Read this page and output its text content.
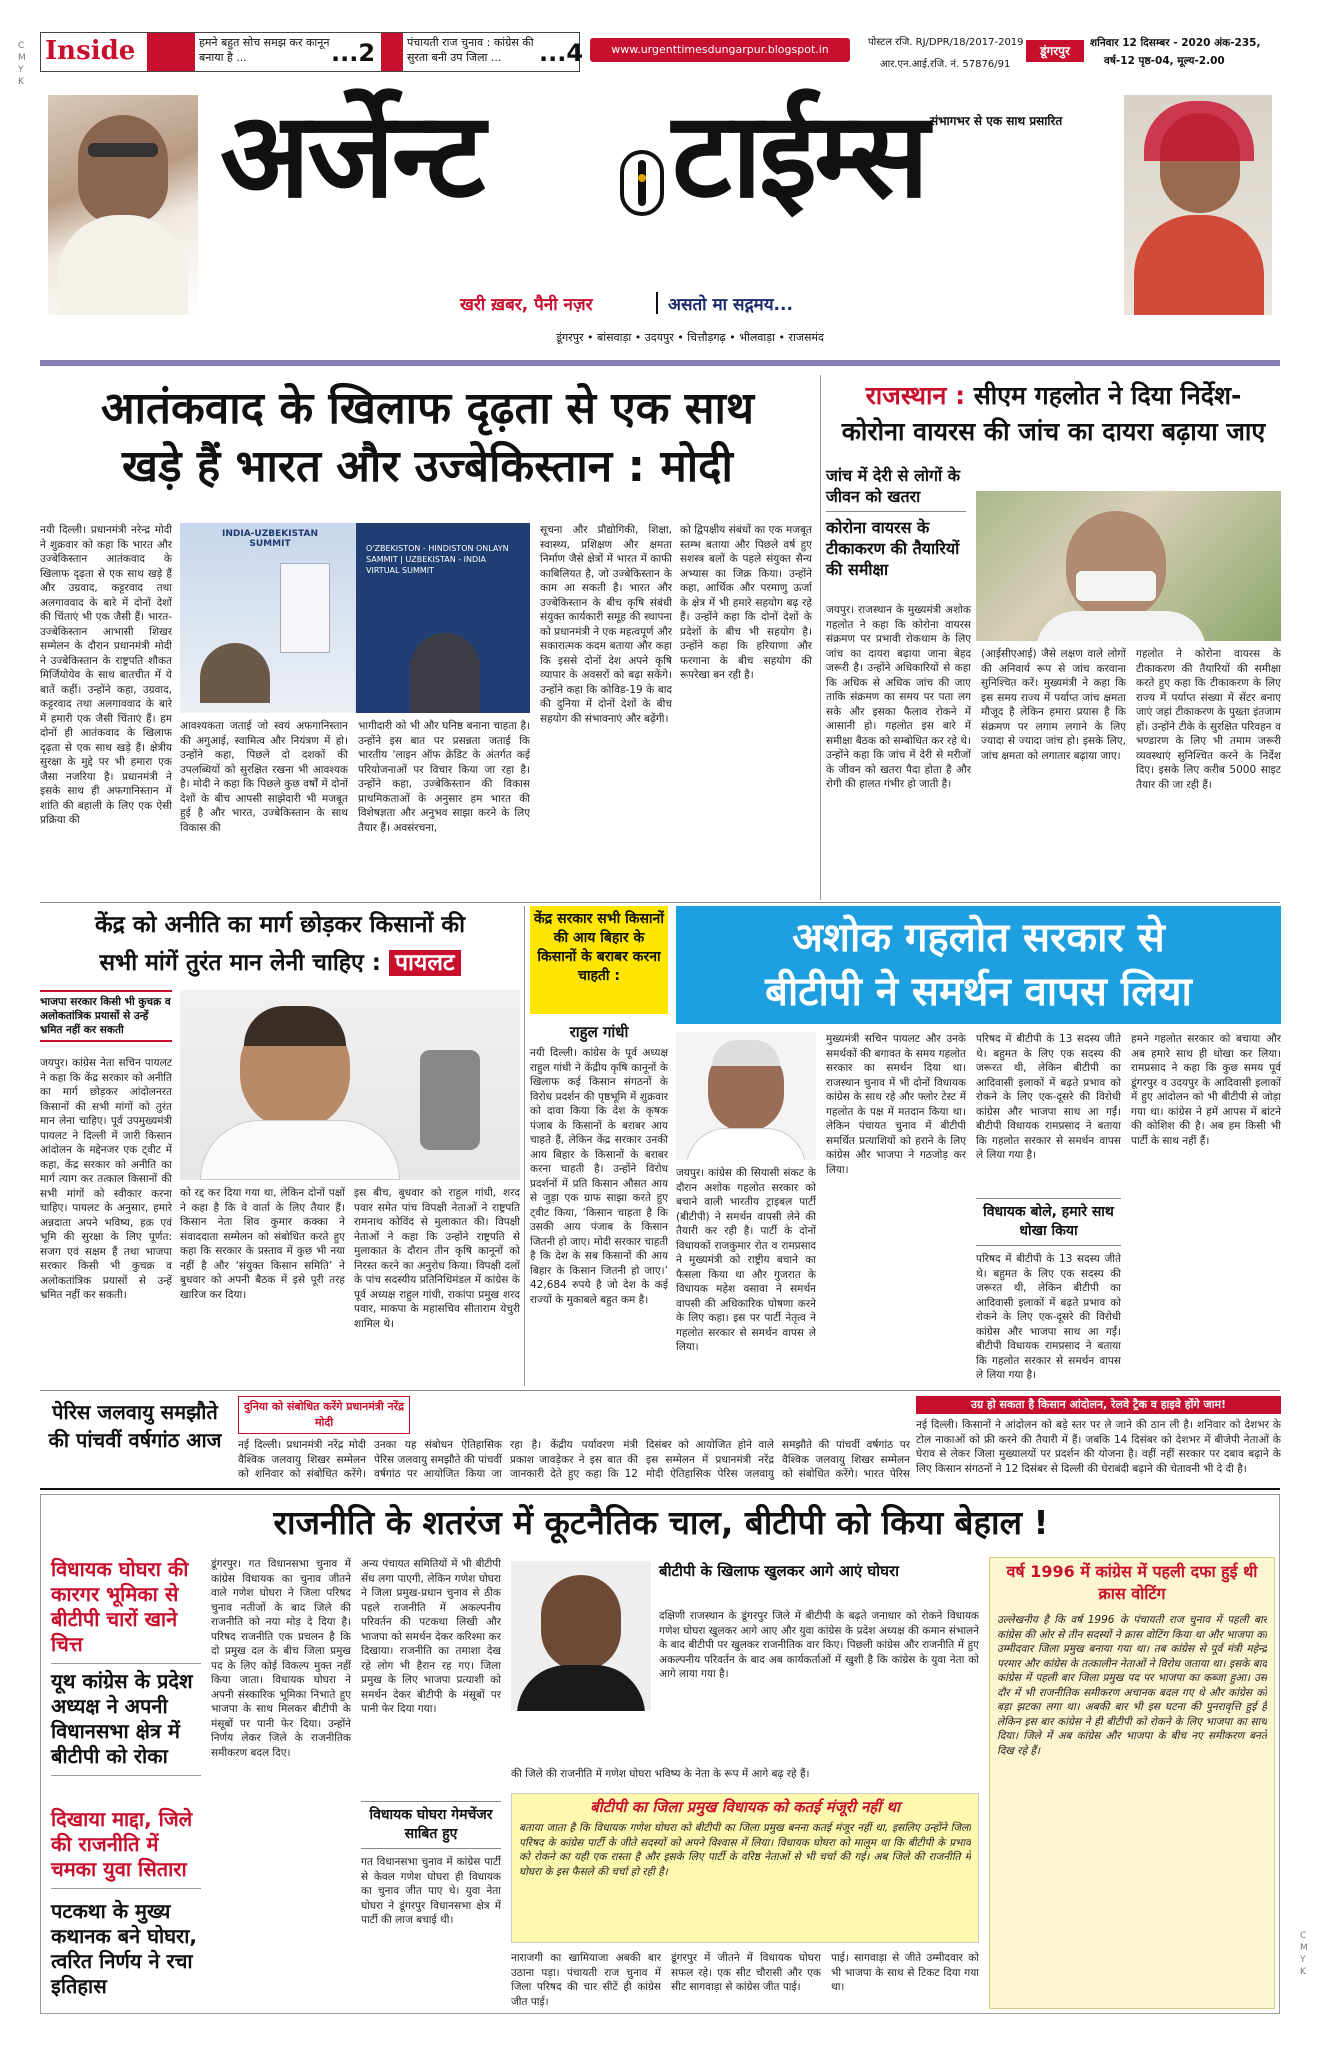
Inside	हमने बहुत सोच समझ कर कानून बनाया है ...	...2	पंचायती राज चुनाव : कांग्रेस की सुरता बनी उप जिला ...	...4	www.urgenttimesdungarpur.blogspot.in
पोस्टल रजि. RJ/DPR/18/2017-2019
आर.एन.आई.रजि. नं. 57876/91
डूंगरपुर
शनिवार 12 दिसम्बर - 2020 अंक-235,
वर्ष-12 पृष्ठ-04, मूल्य-2.00
संभागभर से एक साथ प्रसारित
अर्जेन्ट टाईम्स
खरी ख़बर, पैनी नज़र	असतो मा सद्गमय...
डूंगरपुर • बांसवाड़ा • उदयपुर • चित्तौड़गढ़ • भीलवाड़ा • राजसमंद
आतंकवाद के खिलाफ दृढ़ता से एक साथ
खड़े हैं भारत और उज्बेकिस्तान : मोदी
INDIA-UZBEKISTAN SUMMIT	O'ZBEKISTON - HINDISTON ONLAYN SAMMIT | UZBEKISTAN - INDIA VIRTUAL SUMMIT
नयी दिल्ली। प्रधानमंत्री नरेन्द्र मोदी ने शुक्रवार को कहा कि भारत और उज्बेकिस्तान आतंकवाद के खिलाफ दृढ़ता से एक साथ खड़े हैं और उग्रवाद, कट्टरवाद तथा अलगाववाद के बारे में दोनों देशों की चिंताएं भी एक जैसी हैं। भारत-उज्बेकिस्तान आभासी शिखर सम्मेलन के दौरान प्रधानमंत्री मोदी ने उज्बेकिस्तान के राष्ट्रपति शौकत मिर्जियोयेव के साथ बातचीत में ये बातें कहीं। उन्होंने कहा, उग्रवाद, कट्टरवाद तथा अलगाववाद के बारे में हमारी एक जैसी चिंताएं हैं। हम दोनों ही आतंकवाद के खिलाफ दृढ़ता से एक साथ खड़े हैं। क्षेत्रीय सुरक्षा के मुद्दे पर भी हमारा एक जैसा नजरिया है। प्रधानमंत्री ने इसके साथ ही अफगानिस्तान में शांति की बहाली के लिए एक ऐसी प्रक्रिया की
आवश्यकता जताई जो स्वयं अफगानिस्तान की अगुआई, स्वामित्व और नियंत्रण में हो। उन्होंने कहा, पिछले दो दशकों की उपलब्धियों को सुरक्षित रखना भी आवश्यक है। मोदी ने कहा कि पिछले कुछ वर्षों में दोनों देशों के बीच आपसी साझेदारी भी मजबूत हुई है और भारत, उज्बेकिस्तान के साथ विकास की
भागीदारी को भी और घनिष्ठ बनाना चाहता है। उन्होंने इस बात पर प्रसन्नता जताई कि भारतीय ‘लाइन ऑफ क्रेडिट के अंतर्गत कई परियोजनाओं पर विचार किया जा रहा है। उन्होंने कहा, उज्बेकिस्तान की विकास प्राथमिकताओं के अनुसार हम भारत की विशेषज्ञता और अनुभव साझा करने के लिए तैयार हैं। अवसंरचना,
सूचना और प्रौद्योगिकी, शिक्षा, स्वास्थ्य, प्रशिक्षण और क्षमता निर्माण जैसे क्षेत्रों में भारत में काफी काबिलियत है, जो उज्बेकिस्तान के काम आ सकती है। भारत और उज्बेकिस्तान के बीच कृषि संबंधी संयुक्त कार्यकारी समूह की स्थापना को प्रधानमंत्री ने एक महत्वपूर्ण और सकारात्मक कदम बताया और कहा कि इससे दोनों देश अपने कृषि व्यापार के अवसरों को बढ़ा सकेंगे। उन्होंने कहा कि कोविड-19 के बाद की दुनिया में दोनों देशों के बीच सहयोग की संभावनाएं और बढ़ेंगी।
को द्विपक्षीय संबंधों का एक मजबूत स्तम्भ बताया और पिछले वर्ष हुए सशस्त्र बलों के पहले संयुक्त सैन्य अभ्यास का जिक्र किया। उन्होंने कहा, आर्थिक और परमाणु ऊर्जा के क्षेत्र में भी हमारे सहयोग बढ़ रहे हैं। उन्होंने कहा कि दोनों देशों के प्रदेशों के बीच भी सहयोग है। उन्होंने कहा कि हरियाणा और फरगाना के बीच सहयोग की रूपरेखा बन रही है।
राजस्थान : सीएम गहलोत ने दिया निर्देश-
कोरोना वायरस की जांच का दायरा बढ़ाया जाए
जांच में देरी से लोगों के जीवन को खतरा
कोरोना वायरस के टीकाकरण की तैयारियों की समीक्षा
जयपुर। राजस्थान के मुख्यमंत्री अशोक गहलोत ने कहा कि कोरोना वायरस संक्रमण पर प्रभावी रोकथाम के लिए जांच का दायरा बढ़ाया जाना बेहद जरूरी है। उन्होंने अधिकारियों से कहा कि अधिक से अधिक जांच की जाए ताकि संक्रमण का समय पर पता लग सके और इसका फैलाव रोकने में आसानी हो। गहलोत इस बारे में समीक्षा बैठक को सम्बोधित कर रहे थे। उन्होंने कहा कि जांच में देरी से मरीजों के जीवन को खतरा पैदा होता है और रोगी की हालत गंभीर हो जाती है।
(आईसीएआई) जैसे लक्षण वाले लोगों की अनिवार्य रूप से जांच करवाना सुनिश्चित करें। मुख्यमंत्री ने कहा कि इस समय राज्य में पर्याप्त जांच क्षमता मौजूद है लेकिन हमारा प्रयास है कि संक्रमण पर लगाम लगाने के लिए ज्यादा से ज्यादा जांच हो। इसके लिए, जांच क्षमता को लगातार बढ़ाया जाए।
गहलोत ने कोरोना वायरस के टीकाकरण की तैयारियों की समीक्षा करते हुए कहा कि टीकाकरण के लिए राज्य में पर्याप्त संख्या में सेंटर बनाए जाएं जहां टीकाकरण के पुख्ता इंतजाम हों। उन्होंने टीके के सुरक्षित परिवहन व भण्डारण के लिए भी तमाम जरूरी व्यवस्थाएं सुनिश्चित करने के निर्देश दिए। इसके लिए करीब 5000 साइट तैयार की जा रही हैं।
केंद्र को अनीति का मार्ग छोड़कर किसानों की
सभी मांगें तुरंत मान लेनी चाहिए : पायलट
भाजपा सरकार किसी भी कुचक्र व अलोकतांत्रिक प्रयासों से उन्हें भ्रमित नहीं कर सकती
जयपुर। कांग्रेस नेता सचिन पायलट ने कहा कि केंद्र सरकार को अनीति का मार्ग छोड़कर आंदोलनरत किसानों की सभी मांगों को तुरंत मान लेना चाहिए। पूर्व उपमुख्यमंत्री पायलट ने दिल्ली में जारी किसान आंदोलन के मद्देनजर एक ट्वीट में कहा, केंद्र सरकार को अनीति का मार्ग त्याग कर तत्काल किसानों की सभी मांगों को स्वीकार करना चाहिए। पायलट के अनुसार, हमारे अन्नदाता अपने भविष्य, हक़ एवं भूमि की सुरक्षा के लिए पूर्णत: सजग एवं सक्षम हैं तथा भाजपा सरकार किसी भी कुचक्र व अलोकतांत्रिक प्रयासों से उन्हें भ्रमित नहीं कर सकती।
को रद्द कर दिया गया था, लेकिन दोनों पक्षों ने कहा है कि वे वार्ता के लिए तैयार हैं। किसान नेता शिव कुमार कक्का ने संवाददाता सम्मेलन को संबोधित करते हुए कहा कि सरकार के प्रस्ताव में कुछ भी नया नहीं है और ‘संयुक्त किसान समिति’ ने बुधवार को अपनी बैठक में इसे पूरी तरह खारिज कर दिया।
इस बीच, बुधवार को राहुल गांधी, शरद पवार समेत पांच विपक्षी नेताओं ने राष्ट्रपति रामनाथ कोविंद से मुलाकात की। विपक्षी नेताओं ने कहा कि उन्होंने राष्ट्रपति से मुलाकात के दौरान तीन कृषि कानूनों को निरस्त करने का अनुरोध किया। विपक्षी दलों के पांच सदस्यीय प्रतिनिधिमंडल में कांग्रेस के पूर्व अध्यक्ष राहुल गांधी, राकांपा प्रमुख शरद पवार, माकपा के महासचिव सीताराम येचुरी शामिल थे।
केंद्र सरकार सभी किसानों की आय बिहार के किसानों के बराबर करना चाहती :
राहुल गांधी
नयी दिल्ली। कांग्रेस के पूर्व अध्यक्ष राहुल गांधी ने केंद्रीय कृषि कानूनों के खिलाफ कई किसान संगठनों के विरोध प्रदर्शन की पृष्ठभूमि में शुक्रवार को दावा किया कि देश के कृषक पंजाब के किसानों के बराबर आय चाहते हैं, लेकिन केंद्र सरकार उनकी आय बिहार के किसानों के बराबर करना चाहती है। उन्होंने विरोध प्रदर्शनों में प्रति किसान औसत आय से जुड़ा एक ग्राफ साझा करते हुए ट्वीट किया, ‘किसान चाहता है कि उसकी आय पंजाब के किसान जितनी हो जाए। मोदी सरकार चाहती है कि देश के सब किसानों की आय बिहार के किसान जितनी हो जाए।’ 42,684 रुपये है जो देश के कई राज्यों के मुकाबले बहुत कम है।
अशोक गहलोत सरकार से
बीटीपी ने समर्थन वापस लिया
जयपुर। कांग्रेस की सियासी संकट के दौरान अशोक गहलोत सरकार को बचाने वाली भारतीय ट्राइबल पार्टी (बीटीपी) ने समर्थन वापसी लेने की तैयारी कर रही है। पार्टी के दोनों विधायकों राजकुमार रोत व रामप्रसाद ने मुख्यमंत्री को राष्ट्रीय बचाने का फैसला किया था और गुजरात के विधायक महेश वसावा ने समर्थन वापसी की अधिकारिक घोषणा करने के लिए कहा। इस पर पार्टी नेतृत्व ने गहलोत सरकार से समर्थन वापस ले लिया।
मुख्यमंत्री सचिन पायलट और उनके समर्थकों की बगावत के समय गहलोत सरकार का समर्थन दिया था। राजस्थान चुनाव में भी दोनों विधायक कांग्रेस के साथ रहे और फ्लोर टेस्ट में गहलोत के पक्ष में मतदान किया था। लेकिन पंचायत चुनाव में बीटीपी समर्थित प्रत्याशियों को हराने के लिए कांग्रेस और भाजपा ने गठजोड़ कर लिया।
परिषद में बीटीपी के 13 सदस्य जीते थे। बहुमत के लिए एक सदस्य की जरूरत थी, लेकिन बीटीपी का आदिवासी इलाकों में बढ़ते प्रभाव को रोकने के लिए एक-दूसरे की विरोधी कांग्रेस और भाजपा साथ आ गईं। बीटीपी विधायक रामप्रसाद ने बताया कि गहलोत सरकार से समर्थन वापस ले लिया गया है।
विधायक बोले, हमारे साथ धोखा किया
परिषद में बीटीपी के 13 सदस्य जीते थे। बहुमत के लिए एक सदस्य की जरूरत थी, लेकिन बीटीपी का आदिवासी इलाकों में बढ़ते प्रभाव को रोकने के लिए एक-दूसरे की विरोधी कांग्रेस और भाजपा साथ आ गईं। बीटीपी विधायक रामप्रसाद ने बताया कि गहलोत सरकार से समर्थन वापस ले लिया गया है।
हमने गहलोत सरकार को बचाया और अब हमारे साथ ही धोखा कर लिया। रामप्रसाद ने कहा कि कुछ समय पूर्व डूंगरपुर व उदयपुर के आदिवासी इलाकों में हुए आंदोलन को भी बीटीपी से जोड़ा गया था। कांग्रेस ने हमें आपस में बांटने की कोशिश की है। अब हम किसी भी पार्टी के साथ नहीं हैं।
पेरिस जलवायु समझौते की पांचवीं वर्षगांठ आज
दुनिया को संबोधित करेंगे प्रधानमंत्री नरेंद्र मोदी
नई दिल्ली। प्रधानमंत्री नरेंद्र मोदी वैश्विक जलवायु शिखर सम्मेलन को शनिवार को संबोधित करेंगे। उनका यह संबोधन ऐतिहासिक पेरिस जलवायु समझौते की पांचवीं वर्षगांठ पर आयोजित किया जा रहा है। केंद्रीय पर्यावरण मंत्री प्रकाश जावड़ेकर ने इस बात की जानकारी देते हुए कहा कि 12 दिसंबर को आयोजित होने वाले इस सम्मेलन में प्रधानमंत्री नरेंद्र मोदी ऐतिहासिक पेरिस जलवायु समझौते की पांचवीं वर्षगांठ पर वैश्विक जलवायु शिखर सम्मेलन को संबोधित करेंगे। भारत पेरिस
उग्र हो सकता है किसान आंदोलन, रेलवे ट्रैक व हाइवे होंगे जाम!
नई दिल्ली। किसानों ने आंदोलन को बड़े स्तर पर ले जाने की ठान ली है। शनिवार को देशभर के टोल नाकाओं को फ्री करने की तैयारी में हैं। जबकि 14 दिसंबर को देशभर में बीजेपी नेताओं के घेराव से लेकर जिला मुख्यालयों पर प्रदर्शन की योजना है। वहीं नहीं सरकार पर दबाव बढ़ाने के लिए किसान संगठनों ने 12 दिसंबर से दिल्ली की घेराबंदी बढ़ाने की चेतावनी भी दे दी है।
राजनीति के शतरंज में कूटनैतिक चाल, बीटीपी को किया बेहाल !
विधायक घोघरा की कारगर भूमिका से बीटीपी चारों खाने चित्त
यूथ कांग्रेस के प्रदेश अध्यक्ष ने अपनी विधानसभा क्षेत्र में बीटीपी को रोका
दिखाया माद्दा, जिले की राजनीति में चमका युवा सितारा
पटकथा के मुख्य कथानक बने घोघरा, त्वरित निर्णय ने रचा इतिहास
डूंगरपुर। गत विधानसभा चुनाव में कांग्रेस विधायक का चुनाव जीतने वाले गणेश घोघरा ने जिला परिषद चुनाव नतीजों के बाद जिले की राजनीति को नया मोड़ दे दिया है। परिषद राजनीति एक प्रचलन है कि दो प्रमुख दल के बीच जिला प्रमुख पद के लिए कोई विकल्प मुक्त नहीं किया जाता। विधायक घोघरा ने अपनी संस्कारिक भूमिका निभाते हुए भाजपा के साथ मिलकर बीटीपी के मंसूबों पर पानी फेर दिया। उन्होंने निर्णय लेकर जिले के राजनीतिक समीकरण बदल दिए।
अन्य पंचायत समितियों में भी बीटीपी सेंध लगा पाएगी, लेकिन गणेश घोघरा ने जिला प्रमुख-प्रधान चुनाव से ठीक पहले राजनीति में अकल्पनीय परिवर्तन की पटकथा लिखी और भाजपा को समर्थन देकर करिश्मा कर दिखाया। राजनीति का तमाशा देख रहे लोग भी हैरान रह गए। जिला प्रमुख के लिए भाजपा प्रत्याशी को समर्थन देकर बीटीपी के मंसूबों पर पानी फेर दिया गया।
विधायक घोघरा गेमचेंजर साबित हुए
गत विधानसभा चुनाव में कांग्रेस पार्टी से केवल गणेश घोघरा ही विधायक का चुनाव जीत पाए थे। युवा नेता घोघरा ने डूंगरपुर विधानसभा क्षेत्र में पार्टी की लाज बचाई थी।
बीटीपी के खिलाफ खुलकर आगे आएं घोघरा
दक्षिणी राजस्थान के डूंगरपुर जिले में बीटीपी के बढ़ते जनाधार को रोकने विधायक गणेश घोघरा खुलकर आगे आए और युवा कांग्रेस के प्रदेश अध्यक्ष की कमान संभालने के बाद बीटीपी पर खुलकर राजनीतिक वार किए। पिछली कांग्रेस और राजनीति में हुए अकल्पनीय परिवर्तन के बाद अब कार्यकर्ताओं में खुशी है कि कांग्रेस के युवा नेता को आगे लाया गया है।
की जिले की राजनीति में गणेश घोघरा भविष्य के नेता के रूप में आगे बढ़ रहे हैं।
बीटीपी का जिला प्रमुख विधायक को कतई मंजूरी नहीं था
बताया जाता है कि विधायक गणेश घोघरा को बीटीपी का जिला प्रमुख बनना कतई मंजूर नहीं था, इसलिए उन्होंने जिला परिषद के कांग्रेस पार्टी के जीते सदस्यों को अपने विश्वास में लिया। विधायक घोघरा को मालूम था कि बीटीपी के प्रभाव को रोकने का यही एक रास्ता है और इसके लिए पार्टी के वरिष्ठ नेताओं से भी चर्चा की गई। अब जिले की राजनीति में घोघरा के इस फैसले की चर्चा हो रही है।
नाराजगी का खामियाजा अबकी बार उठाना पड़ा। पंचायती राज चुनाव में जिला परिषद की चार सीटें ही कांग्रेस जीत पाई।
डूंगरपुर में जीतने में विधायक घोघरा सफल रहे। एक सीट चौरासी और एक सीट सागवाड़ा से कांग्रेस जीत पाई।
पाई। सागवाड़ा से जीते उम्मीदवार को भी भाजपा के साथ से टिकट दिया गया था।
वर्ष 1996 में कांग्रेस में पहली दफा हुई थी क्रास वोटिंग
उल्लेखनीय है कि वर्ष 1996 के पंचायती राज चुनाव में पहली बार कांग्रेस की ओर से तीन सदस्यों ने क्रास वोटिंग किया था और भाजपा का उम्मीदवार जिला प्रमुख बनाया गया था। तब कांग्रेस से पूर्व मंत्री महेन्द्र परमार और कांग्रेस के तत्कालीन नेताओं ने विरोध जताया था। इसके बाद कांग्रेस में पहली बार जिला प्रमुख पद पर भाजपा का कब्जा हुआ। उस दौर में भी राजनीतिक समीकरण अचानक बदल गए थे और कांग्रेस को बड़ा झटका लगा था। अबकी बार भी इस घटना की पुनरावृत्ति हुई है लेकिन इस बार कांग्रेस ने ही बीटीपी को रोकने के लिए भाजपा का साथ दिया। जिले में अब कांग्रेस और भाजपा के बीच नए समीकरण बनते दिख रहे हैं।
C
M
Y
K
C
M
Y
K
